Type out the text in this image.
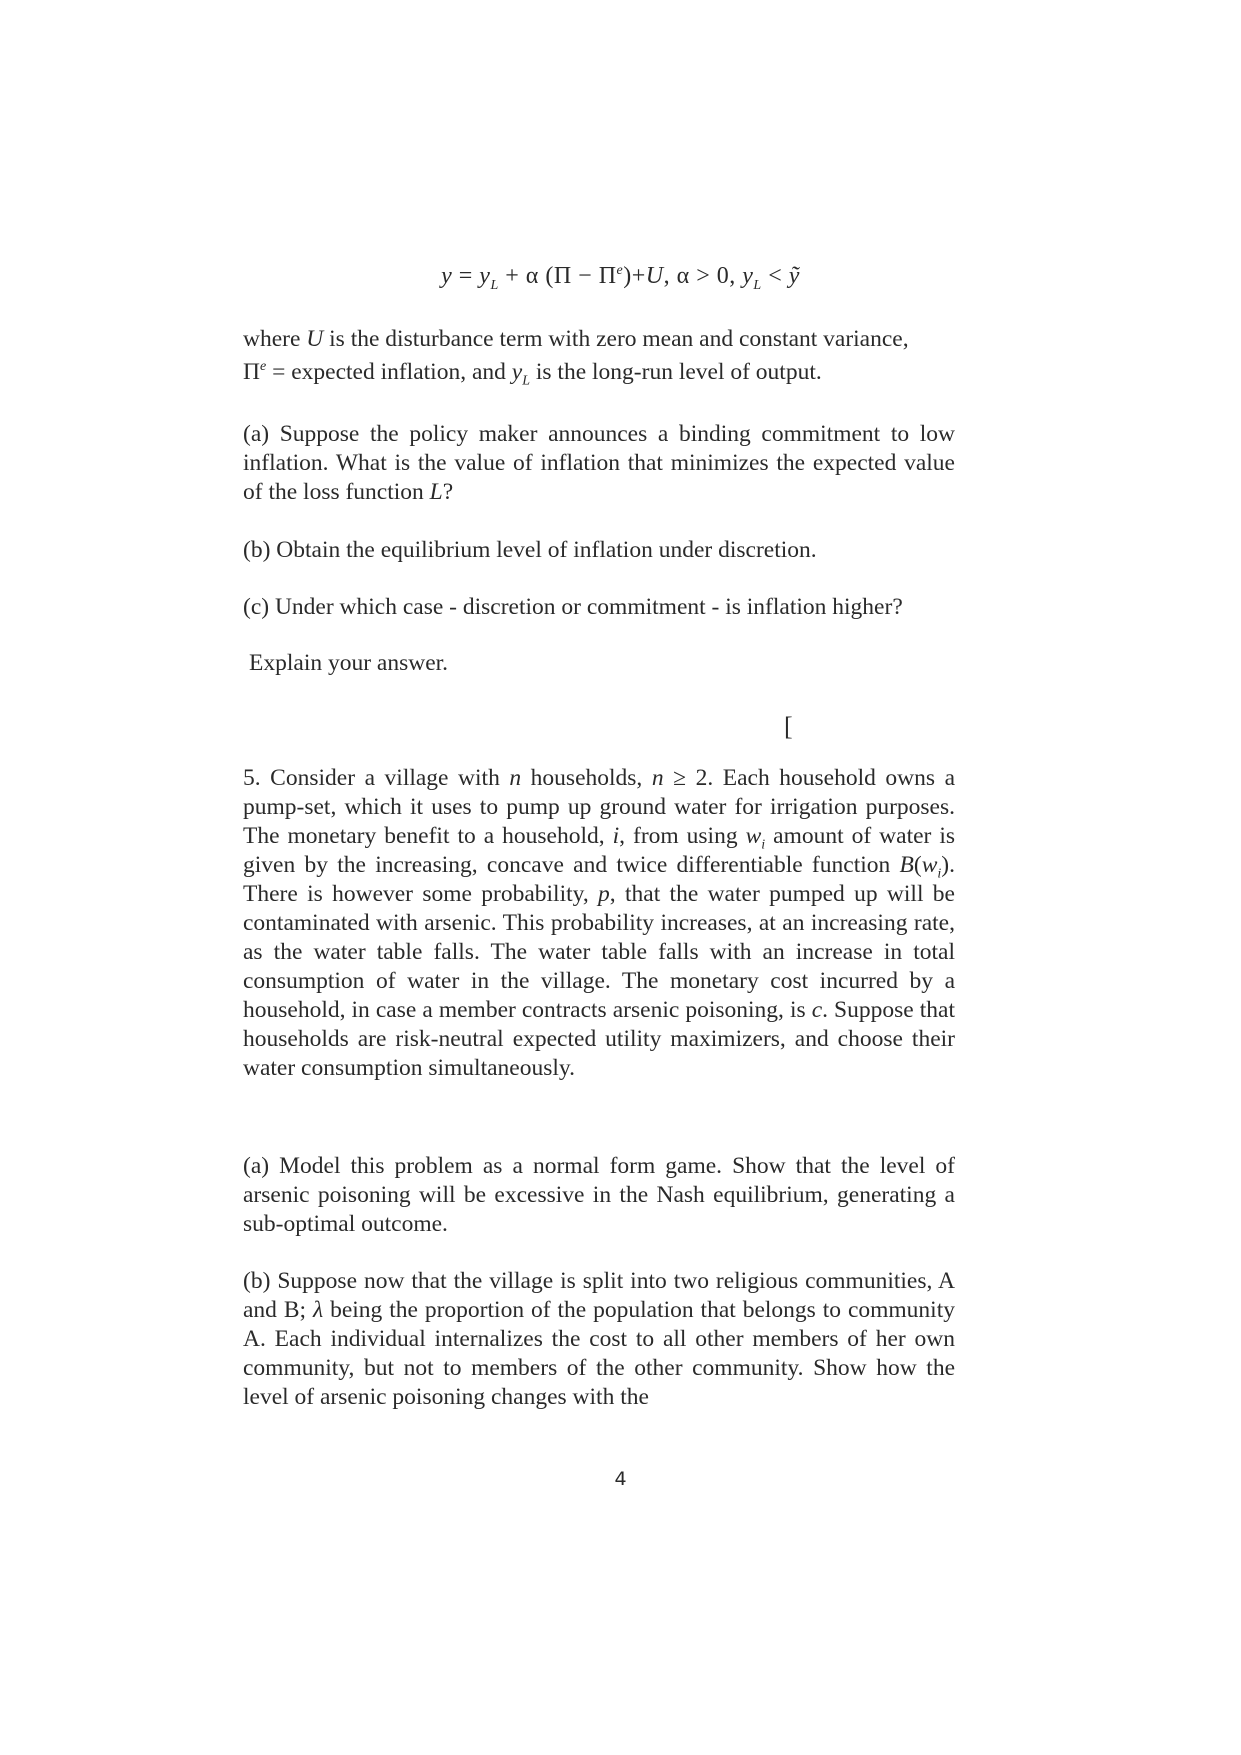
$y = y_L + \alpha$ $(\Pi - \Pi^e)+U$, α > 0, $y_L$ < ỹ

where U is the disturbance term with zero mean and constant variance,

$\Pi^e$ = expected inflation, and $y_L$ is the long-run level of output.

(a) Suppose the policy maker announces a binding commitment to low inflation. What is the value of inflation that minimizes the expected value of the loss function L?

(b) Obtain the equilibrium level of inflation under discretion.

(c) Under which case - discretion or commitment - is inflation higher?

Explain your answer.

[

5. Consider a village with n households, n ≥ 2. Each household owns a pump-set, which it uses to pump up ground water for irrigation purposes. The monetary benefit to a household, i, from using $w_i$ amount of water is given by the increasing, concave and twice differentiable function $B(w_i)$. There is however some probability, p, that the water pumped up will be contaminated with arsenic. This probability increases, at an increasing rate, as the water table falls. The water table falls with an increase in total consumption of water in the village. The monetary cost incurred by a household, in case a member contracts arsenic poisoning, is c. Suppose that households are risk-neutral expected utility maximizers, and choose their water consumption simultaneously.

(a) Model this problem as a normal form game. Show that the level of arsenic poisoning will be excessive in the Nash equilibrium, generating a sub-optimal outcome.

(b) Suppose now that the village is split into two religious communities, A and B; λ being the proportion of the population that belongs to community A. Each individual internalizes the cost to all other members of her own community, but not to members of the other community. Show how the level of arsenic poisoning changes with the

4
